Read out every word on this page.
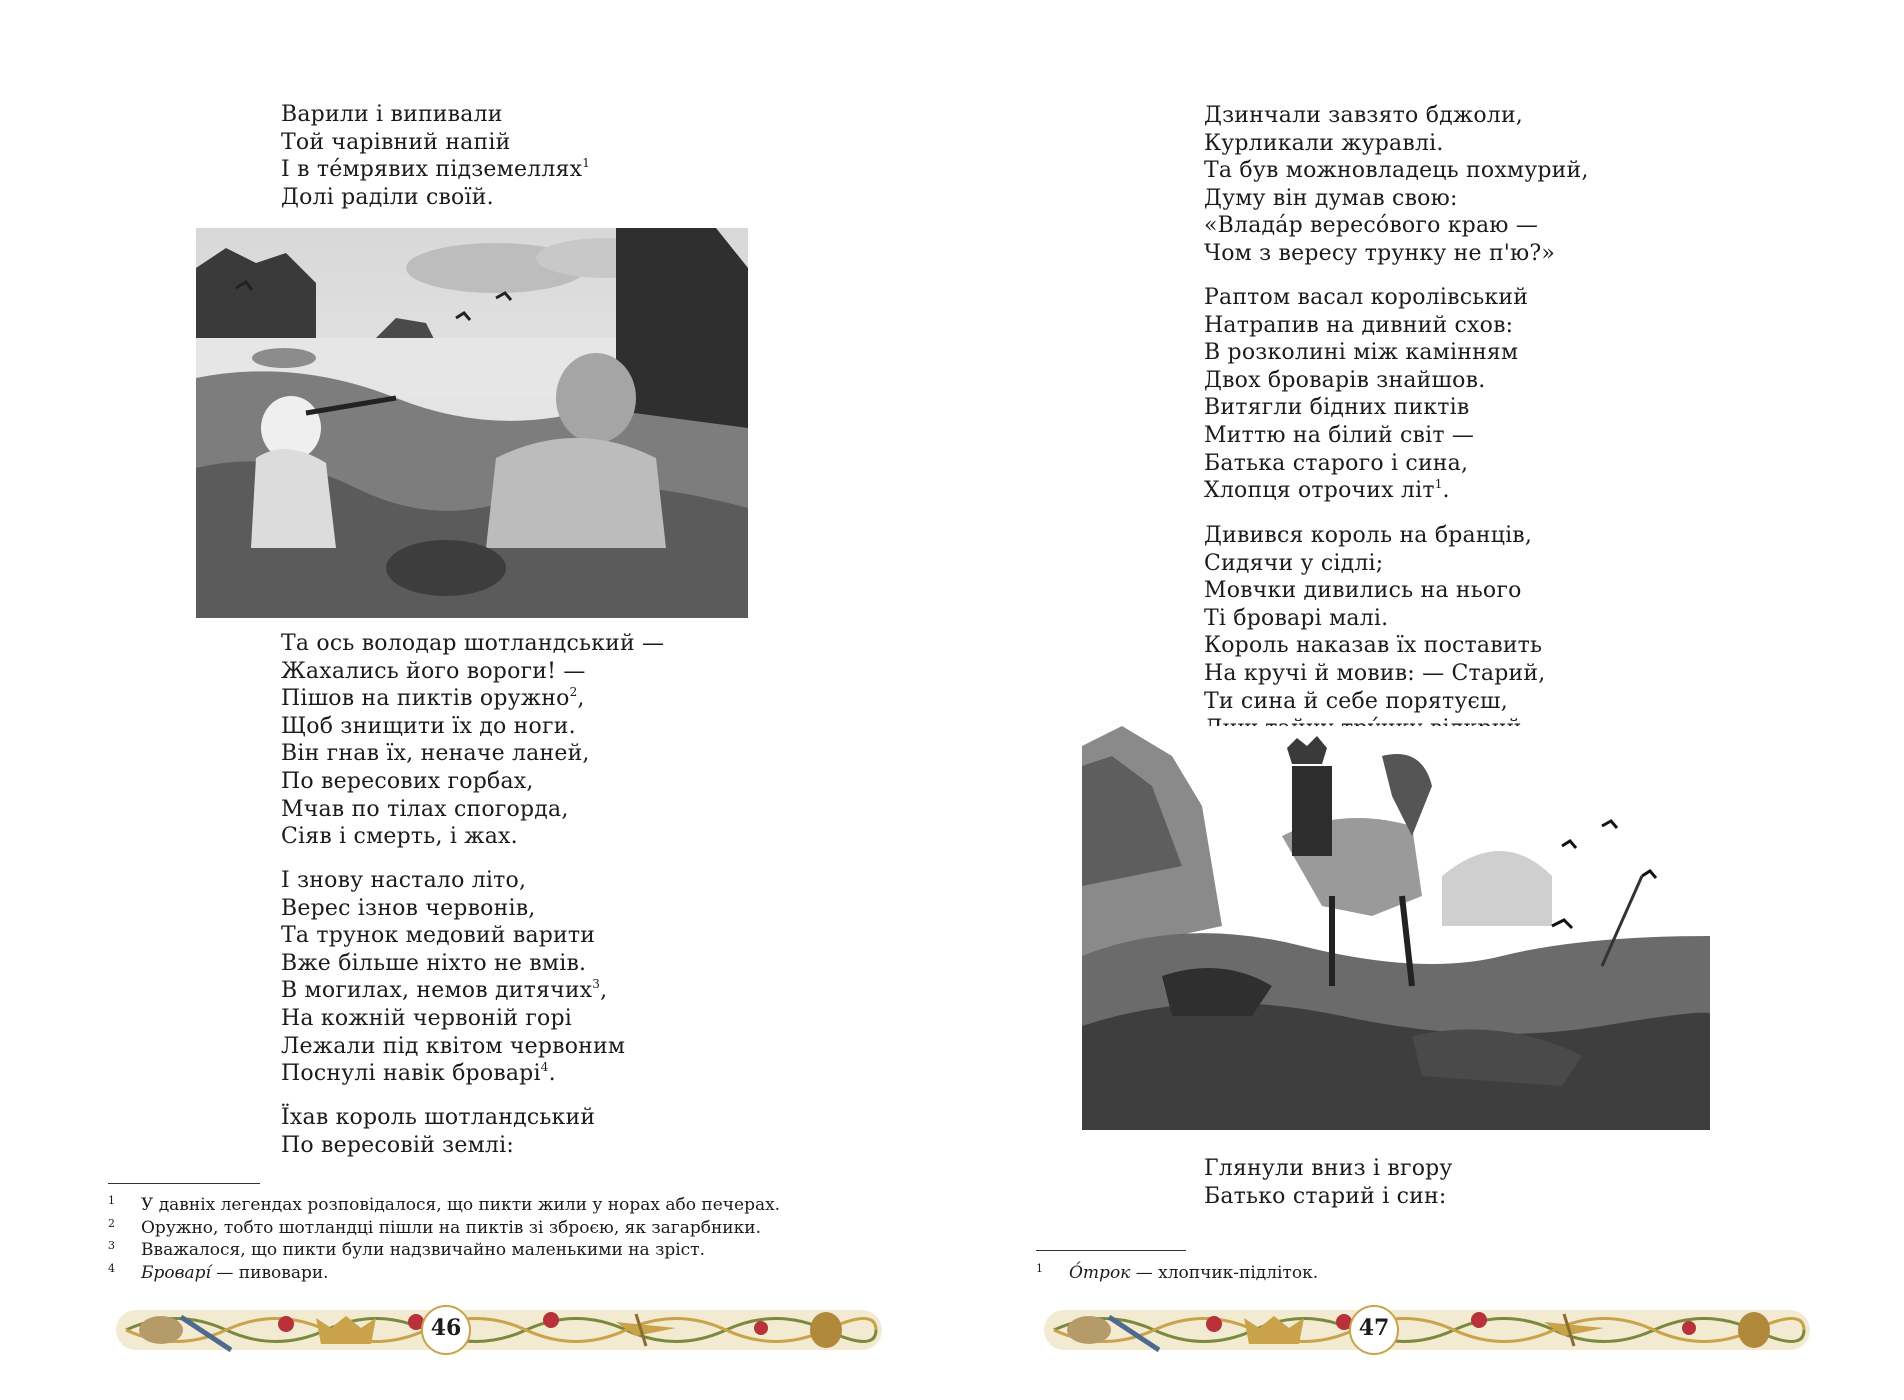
Варили і випивали
Той чарівний напій
І в те́мрявих підземеллях$^1$
Долі раділи своїй.
Та ось володар шотландський —
Жахались його вороги! —
Пішов на пиктів оружно$^2$,
Щоб знищити їх до ноги.
Він гнав їх, неначе ланей,
По вересових горбах,
Мчав по тілах спогорда,
Сіяв і смерть, і жах.
І знову настало літо,
Верес ізнов червонів,
Та трунок медовий варити
Вже більше ніхто не вмів.
В могилах, немов дитячих$^3$,
На кожній червоній горі
Лежали під квітом червоним
Поснулі навік броварі$^4$.
Їхав король шотландський
По вересовій землі:
1 У давніх легендах розповідалося, що пикти жили у норах або печерах.
2 Оружно, тобто шотландці пішли на пиктів зі зброєю, як загарбники.
3 Вважалося, що пикти були надзвичайно маленькими на зріст.
4 Броварі́ — пивовари.
46
Дзинчали завзято бджоли,
Курликали журавлі.
Та був можновладець похмурий,
Думу він думав свою:
«Влада́р вересо́вого краю —
Чом з вересу трунку не п'ю?»
Раптом васал королівський
Натрапив на дивний схов:
В розколині між камінням
Двох броварів знайшов.
Витягли бідних пиктів
Миттю на білий світ —
Батька старого і сина,
Хлопця отрочих літ$^1$.
Дивився король на бранців,
Сидячи у сідлі;
Мовчки дивились на нього
Ті броварі малі.
Король наказав їх поставить
На кручі й мовив: — Старий,
Ти сина й себе порятуєш,
Глянули вниз і вгору
Батько старий і син:
1 О́трок — хлопчик-підліток.
47
